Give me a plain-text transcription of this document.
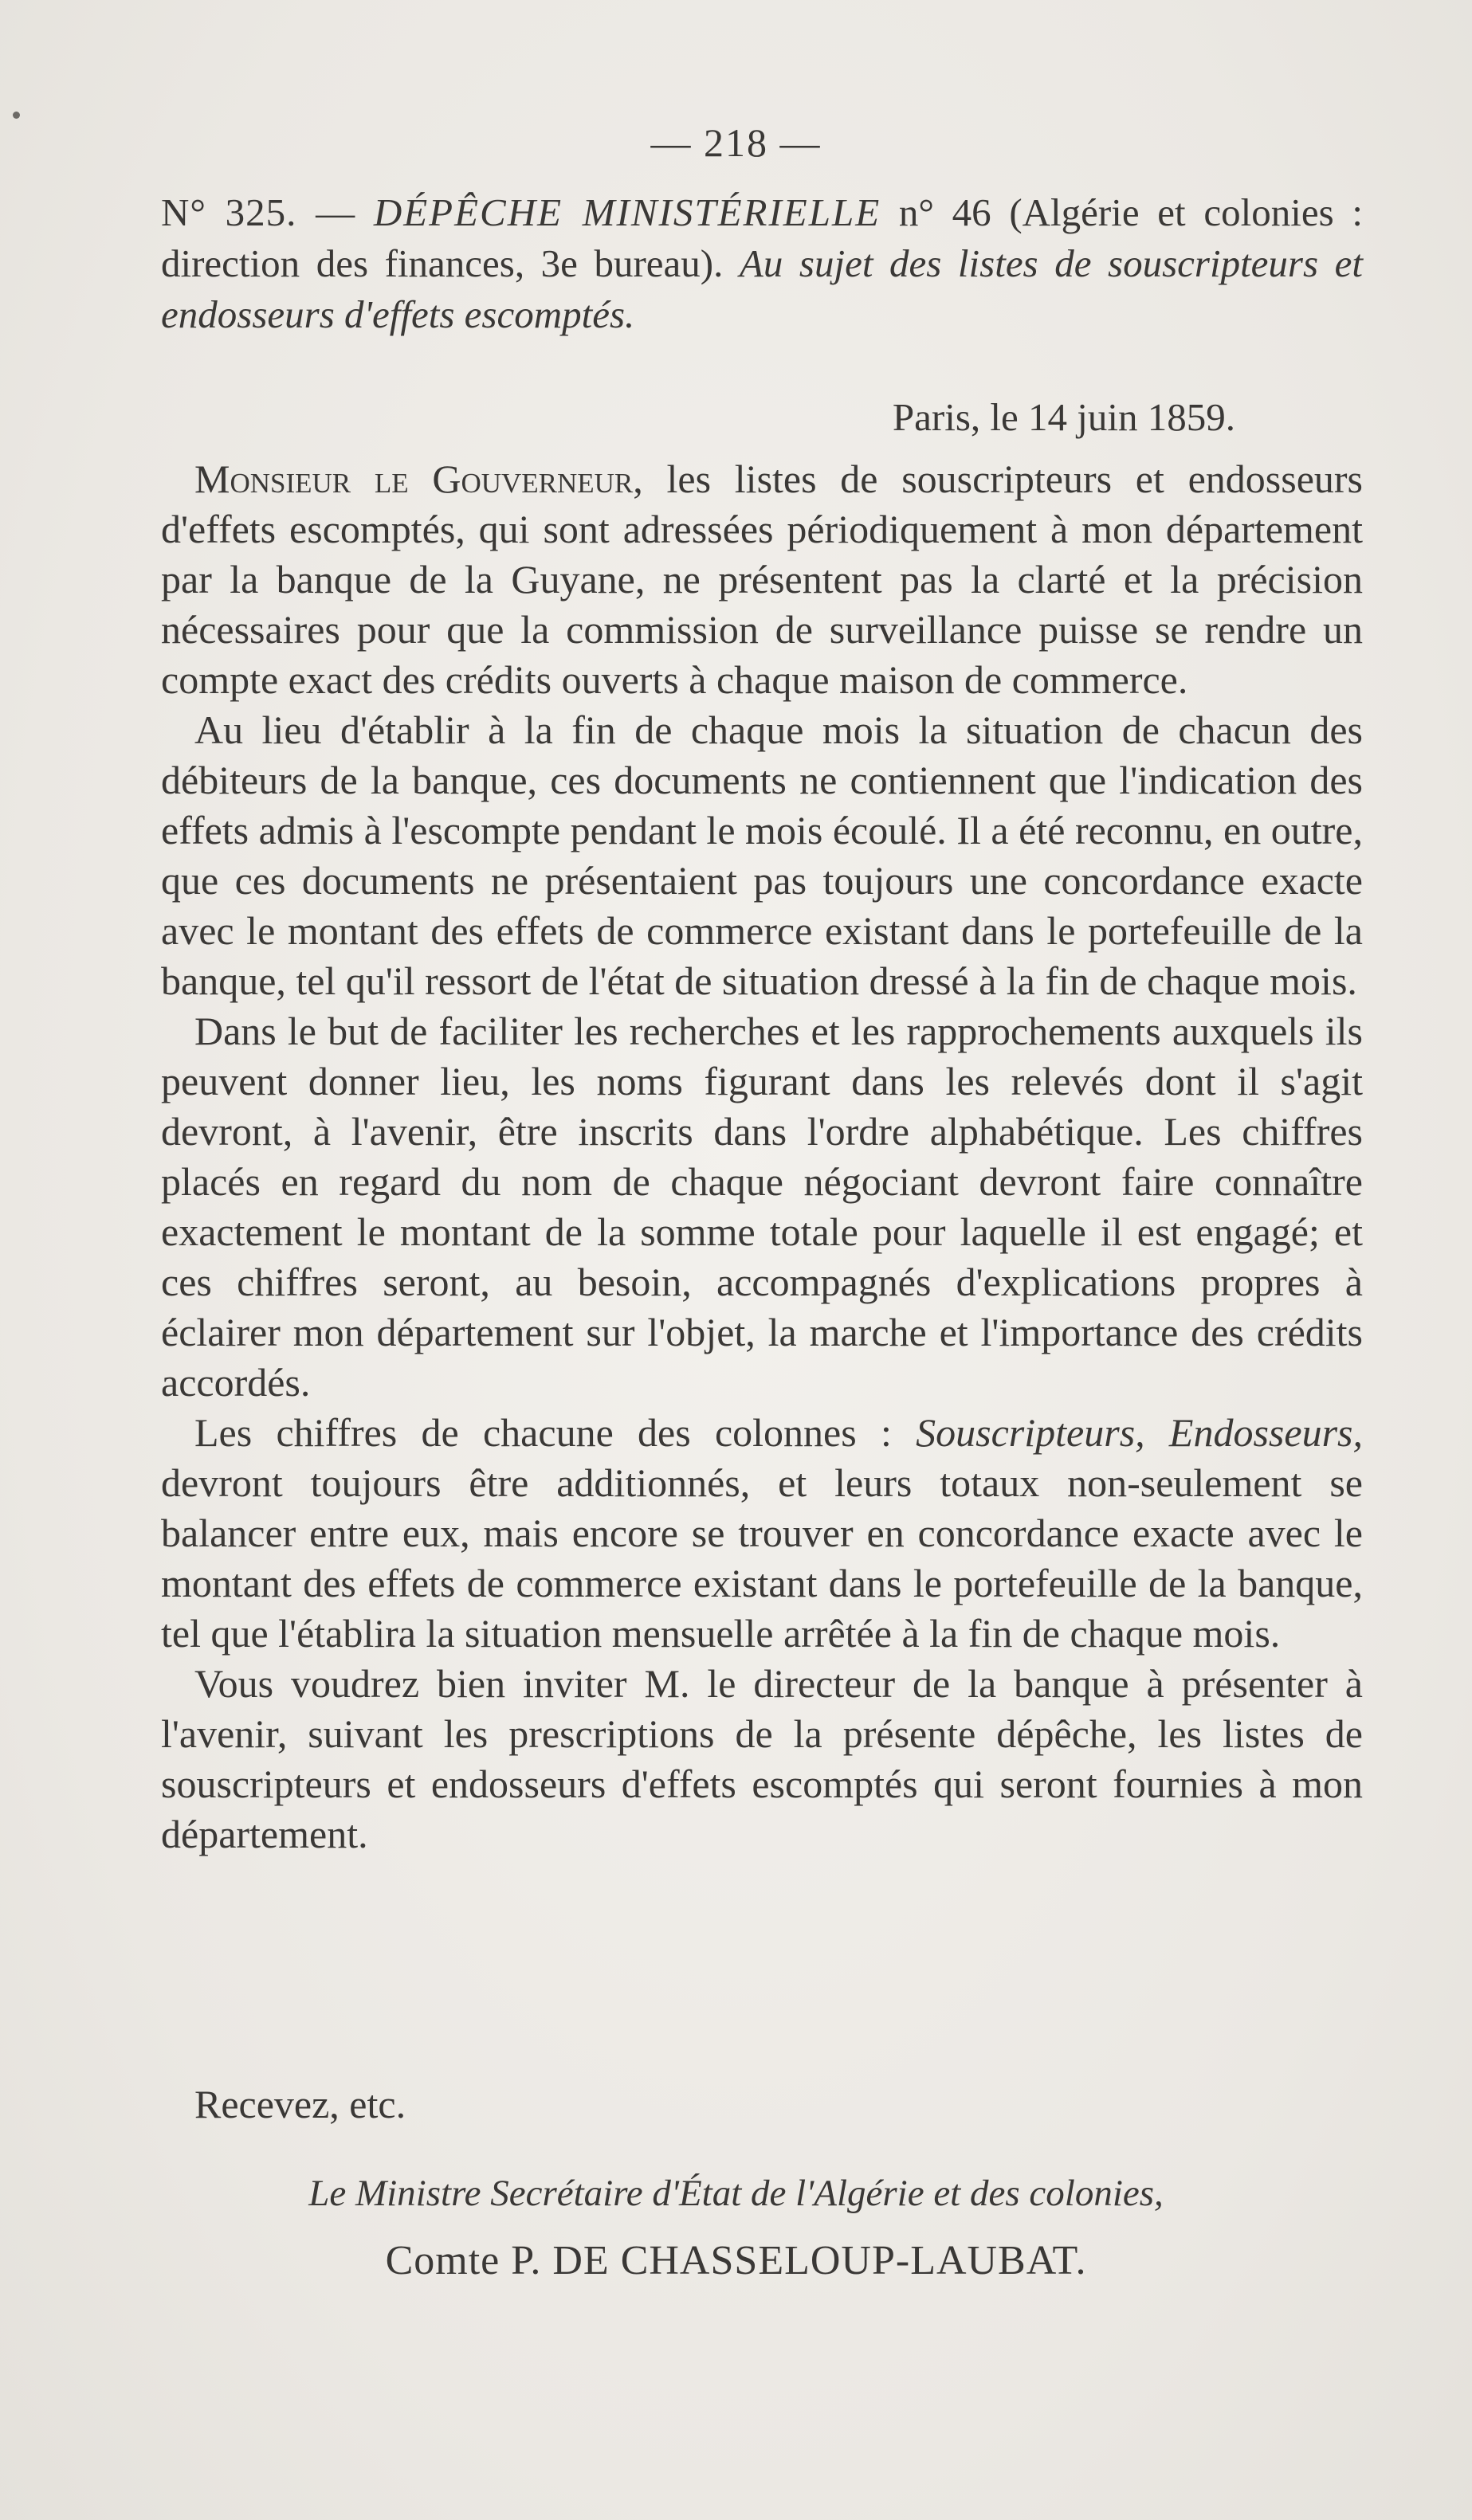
— 218 —
N° 325. — DÉPÊCHE MINISTÉRIELLE n° 46 (Algérie et colonies : direction des finances, 3e bureau). Au sujet des listes de souscripteurs et endosseurs d'effets escomptés.
Paris, le 14 juin 1859.

Monsieur le Gouverneur, les listes de souscripteurs et endosseurs d'effets escomptés, qui sont adressées périodiquement à mon département par la banque de la Guyane, ne présentent pas la clarté et la précision nécessaires pour que la commission de surveillance puisse se rendre un compte exact des crédits ouverts à chaque maison de commerce.

Au lieu d'établir à la fin de chaque mois la situation de chacun des débiteurs de la banque, ces documents ne contiennent que l'indication des effets admis à l'escompte pendant le mois écoulé. Il a été reconnu, en outre, que ces documents ne présentaient pas toujours une concordance exacte avec le montant des effets de commerce existant dans le portefeuille de la banque, tel qu'il ressort de l'état de situation dressé à la fin de chaque mois.

Dans le but de faciliter les recherches et les rapprochements auxquels ils peuvent donner lieu, les noms figurant dans les relevés dont il s'agit devront, à l'avenir, être inscrits dans l'ordre alphabétique. Les chiffres placés en regard du nom de chaque négociant devront faire connaître exactement le montant de la somme totale pour laquelle il est engagé; et ces chiffres seront, au besoin, accompagnés d'explications propres à éclairer mon département sur l'objet, la marche et l'importance des crédits accordés.

Les chiffres de chacune des colonnes : Souscripteurs, Endosseurs, devront toujours être additionnés, et leurs totaux non-seulement se balancer entre eux, mais encore se trouver en concordance exacte avec le montant des effets de commerce existant dans le portefeuille de la banque, tel que l'établira la situation mensuelle arrêtée à la fin de chaque mois.

Vous voudrez bien inviter M. le directeur de la banque à présenter à l'avenir, suivant les prescriptions de la présente dépêche, les listes de souscripteurs et endosseurs d'effets escomptés qui seront fournies à mon département.

Recevez, etc.
Le Ministre Secrétaire d'État de l'Algérie et des colonies,
Comte P. DE CHASSELOUP-LAUBAT.
